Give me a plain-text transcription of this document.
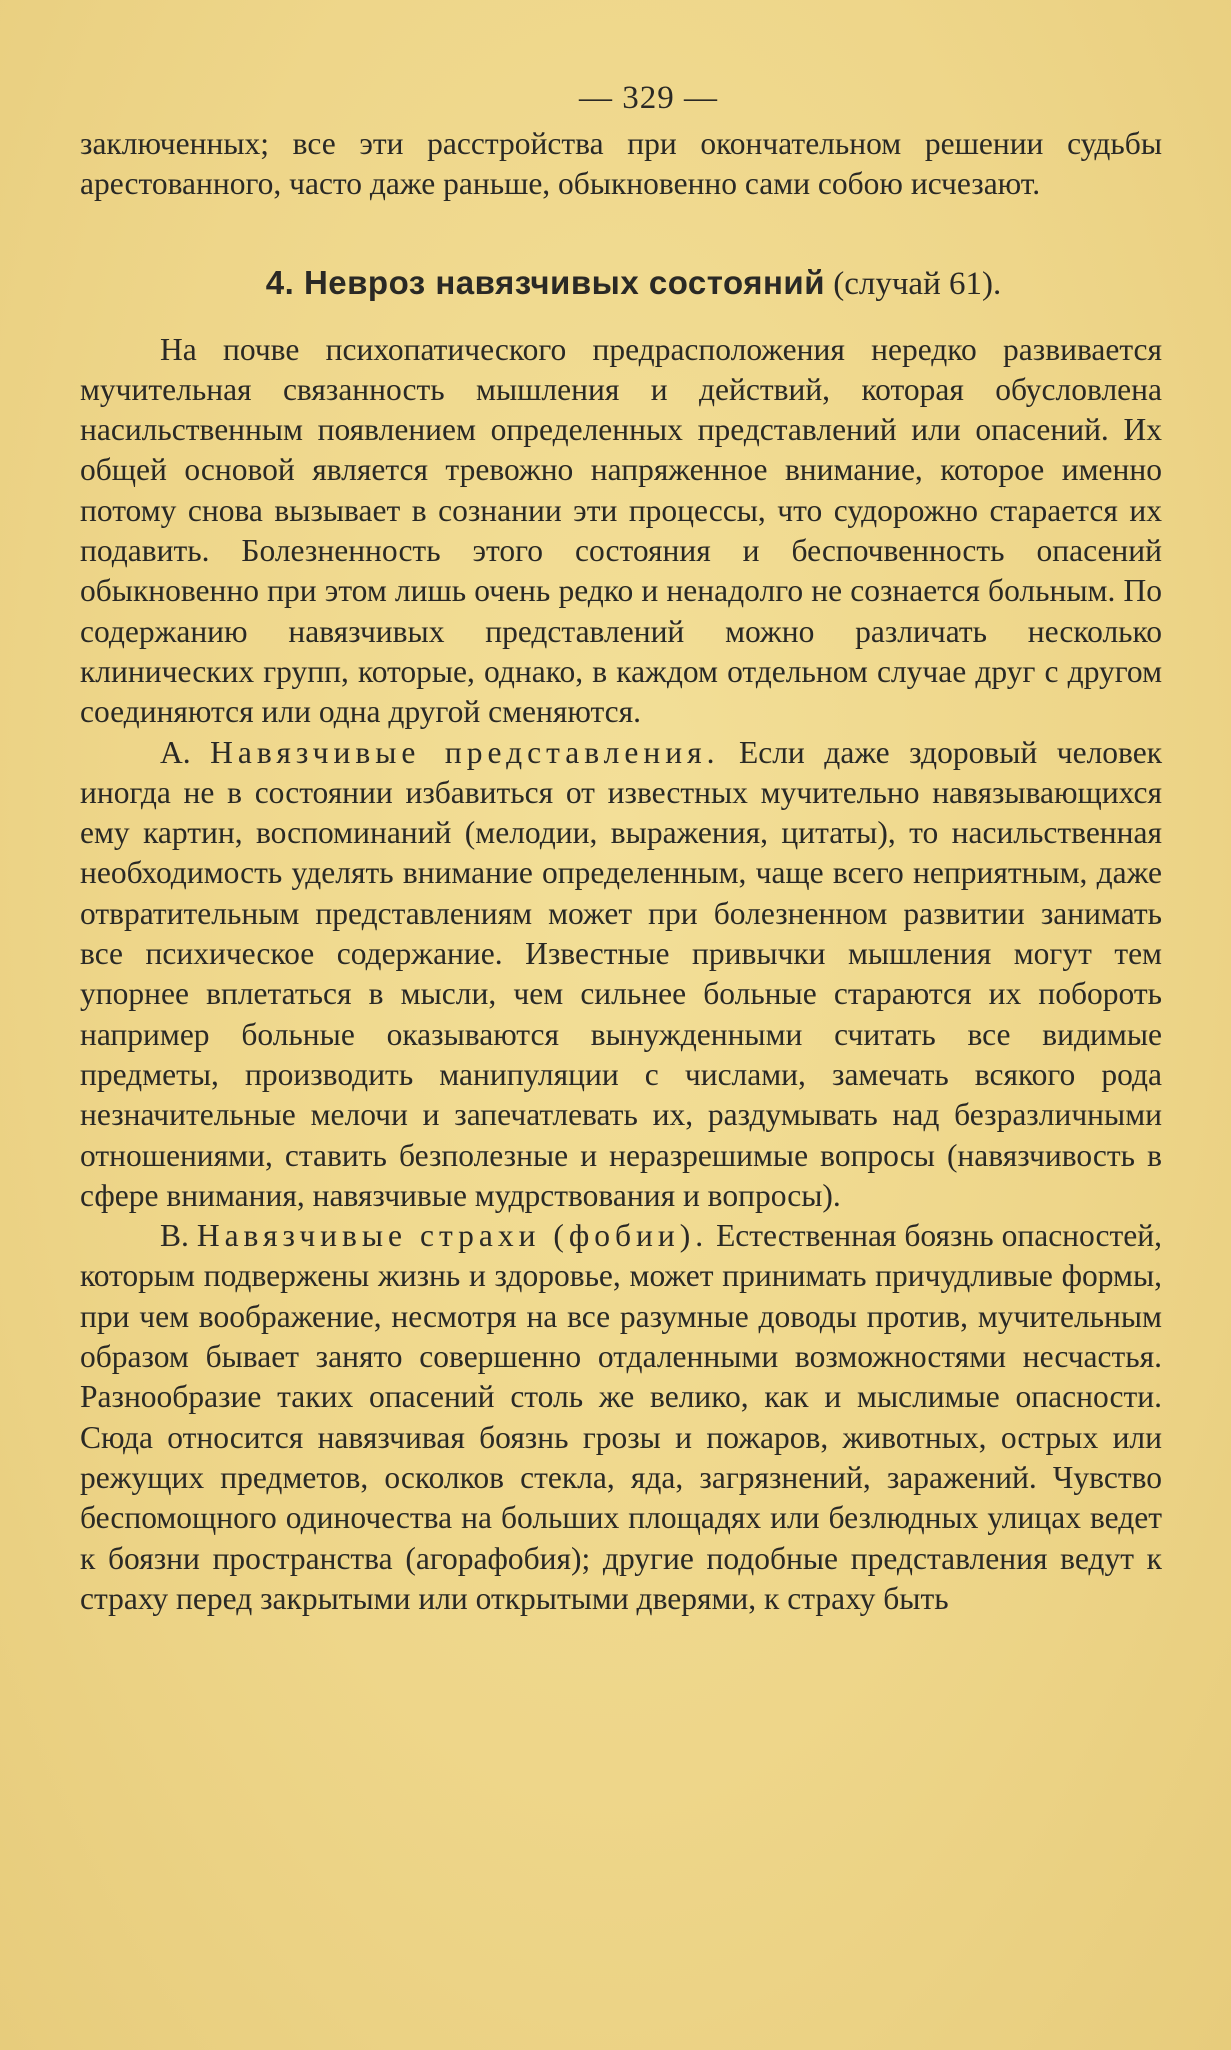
— 329 —

заключенных; все эти расстройства при окончательном решении судьбы арестованного, часто даже раньше, обыкновенно сами собою исчезают.

4. Невроз навязчивых состояний (случай 61).

На почве психопатического предрасположения нередко развивается мучительная связанность мышления и действий, которая обусловлена насильственным появлением определенных представлений или опасений. Их общей основой является тревожно напряженное внимание, которое именно потому снова вызывает в сознании эти процессы, что судорожно старается их подавить. Болезненность этого состояния и беспочвенность опасений обыкновенно при этом лишь очень редко и ненадолго не сознается больным. По содержанию навязчивых представлений можно различать несколько клинических групп, которые, однако, в каждом отдельном случае друг с другом соединяются или одна другой сменяются.

А. Навязчивые представления. Если даже здоровый человек иногда не в состоянии избавиться от известных мучительно навязывающихся ему картин, воспоминаний (мелодии, выражения, цитаты), то насильственная необходимость уделять внимание определенным, чаще всего неприятным, даже отвратительным представлениям может при болезненном развитии занимать все психическое содержание. Известные привычки мышления могут тем упорнее вплетаться в мысли, чем сильнее больные стараются их побороть например больные оказываются вынужденными считать все видимые предметы, производить манипуляции с числами, замечать всякого рода незначительные мелочи и запечатлевать их, раздумывать над безразличными отношениями, ставить безполезные и неразрешимые вопросы (навязчивость в сфере внимания, навязчивые мудрствования и вопросы).

В. Навязчивые страхи (фобии). Естественная боязнь опасностей, которым подвержены жизнь и здоровье, может принимать причудливые формы, при чем воображение, несмотря на все разумные доводы против, мучительным образом бывает занято совершенно отдаленными возможностями несчастья. Разнообразие таких опасений столь же велико, как и мыслимые опасности. Сюда относится навязчивая боязнь грозы и пожаров, животных, острых или режущих предметов, осколков стекла, яда, загрязнений, заражений. Чувство беспомощного одиночества на больших площадях или безлюдных улицах ведет к боязни пространства (агорафобия); другие подобные представления ведут к страху перед закрытыми или открытыми дверями, к страху быть
